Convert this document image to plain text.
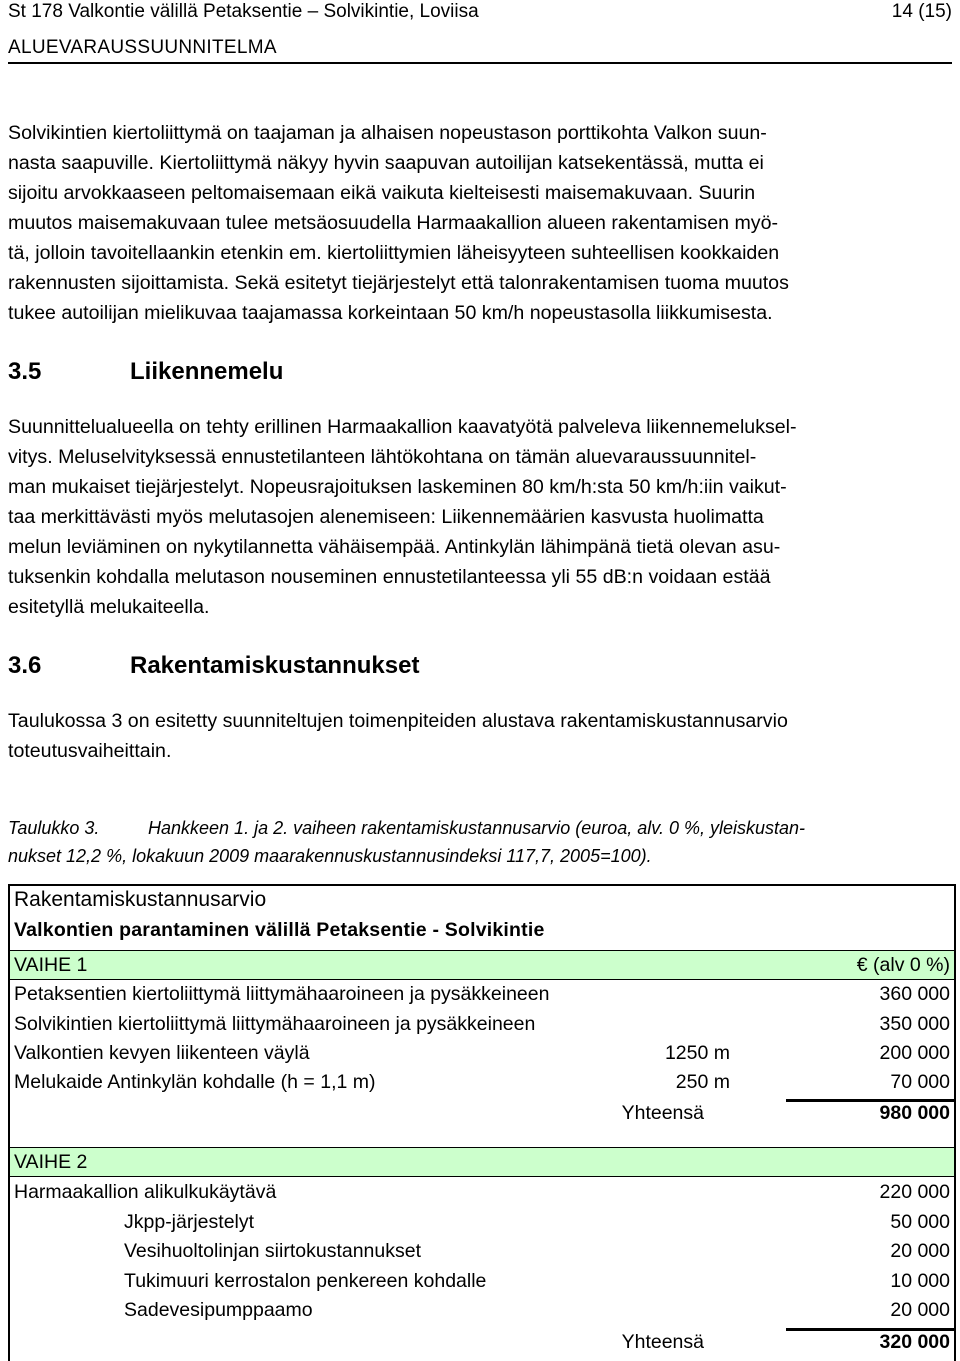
St 178 Valkontie välillä Petaksentie – Solvikintie, Loviisa	14 (15)
ALUEVARAUSSUUNNITELMA
Solvikintien kiertoliittymä on taajaman ja alhaisen nopeustason porttikohta Valkon suun-
nasta saapuville. Kiertoliittymä näkyy hyvin saapuvan autoilijan katsekentässä, mutta ei
sijoitu arvokkaaseen peltomaisemaan eikä vaikuta kielteisesti maisemakuvaan. Suurin
muutos maisemakuvaan tulee metsäosuudella Harmaakallion alueen rakentamisen myö-
tä, jolloin tavoitellaankin etenkin em. kiertoliittymien läheisyyteen suhteellisen kookkaiden
rakennusten sijoittamista. Sekä esitetyt tiejärjestelyt että talonrakentamisen tuoma muutos
tukee autoilijan mielikuvaa taajamassa korkeintaan 50 km/h nopeustasolla liikkumisesta.
3.5	Liikennemelu
Suunnittelualueella on tehty erillinen Harmaakallion kaavatyötä palveleva liikennemeluksel-
vitys. Meluselvityksessä ennustetilanteen lähtökohtana on tämän aluevaraussuunnitel-
man mukaiset tiejärjestelyt. Nopeusrajoituksen laskeminen 80 km/h:sta 50 km/h:iin vaikut-
taa merkittävästi myös melutasojen alenemiseen: Liikennemäärien kasvusta huolimatta
melun leviäminen on nykytilannetta vähäisempää. Antinkylän lähimpänä tietä olevan asu-
tuksenkin kohdalla melutason nouseminen ennustetilanteessa yli 55 dB:n voidaan estää
esitetyllä melukaiteella.
3.6	Rakentamiskustannukset
Taulukossa 3 on esitetty suunniteltujen toimenpiteiden alustava rakentamiskustannusarvio
toteutusvaiheittain.
Taulukko 3.	Hankkeen 1. ja 2. vaiheen rakentamiskustannusarvio (euroa, alv. 0 %, yleiskustan-
nukset 12,2 %, lokakuun 2009 maarakennuskustannusindeksi 117,7, 2005=100).
Rakentamiskustannusarvio
Valkontien parantaminen välillä Petaksentie - Solvikintie
VAIHE 1	€ (alv 0 %)
Petaksentien kiertoliittymä liittymähaaroineen ja pysäkkeineen	360 000
Solvikintien kiertoliittymä liittymähaaroineen ja pysäkkeineen	350 000
Valkontien kevyen liikenteen väylä	1250 m	200 000
Melukaide Antinkylän kohdalle (h = 1,1 m)	250 m	70 000
Yhteensä	980 000
VAIHE 2
Harmaakallion alikulkukäytävä	220 000
Jkpp-järjestelyt	50 000
Vesihuoltolinjan siirtokustannukset	20 000
Tukimuuri kerrostalon penkereen kohdalle	10 000
Sadevesipumppaamo	20 000
Yhteensä	320 000
